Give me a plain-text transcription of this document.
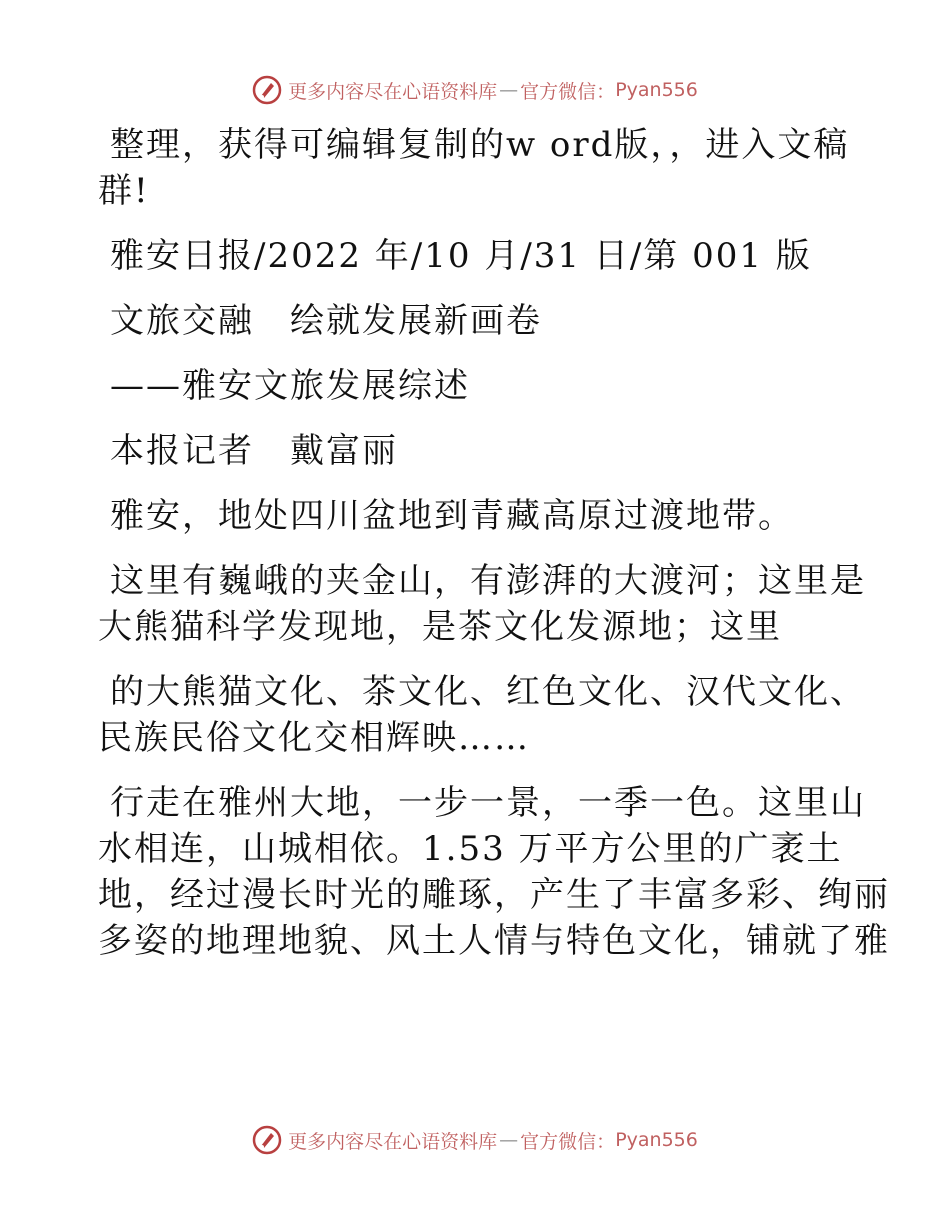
更多内容尽在心语资料库 — 官方微信： Pyan556

整理，获得可编辑复制的w ord版，，进入文稿
群!

雅安日报/2022 年/10 月/31 日/第 001 版

文旅交融　绘就发展新画卷

——雅安文旅发展综述

本报记者　戴富丽

雅安，地处四川盆地到青藏高原过渡地带。

这里有巍峨的夹金山，有澎湃的大渡河；这里是
大熊猫科学发现地，是茶文化发源地；这里

的大熊猫文化、茶文化、红色文化、汉代文化、
民族民俗文化交相辉映……

行走在雅州大地，一步一景，一季一色。这里山
水相连，山城相依。1.53 万平方公里的广袤土
地，经过漫长时光的雕琢，产生了丰富多彩、绚丽
多姿的地理地貌、风土人情与特色文化，铺就了雅

更多内容尽在心语资料库 — 官方微信： Pyan556
